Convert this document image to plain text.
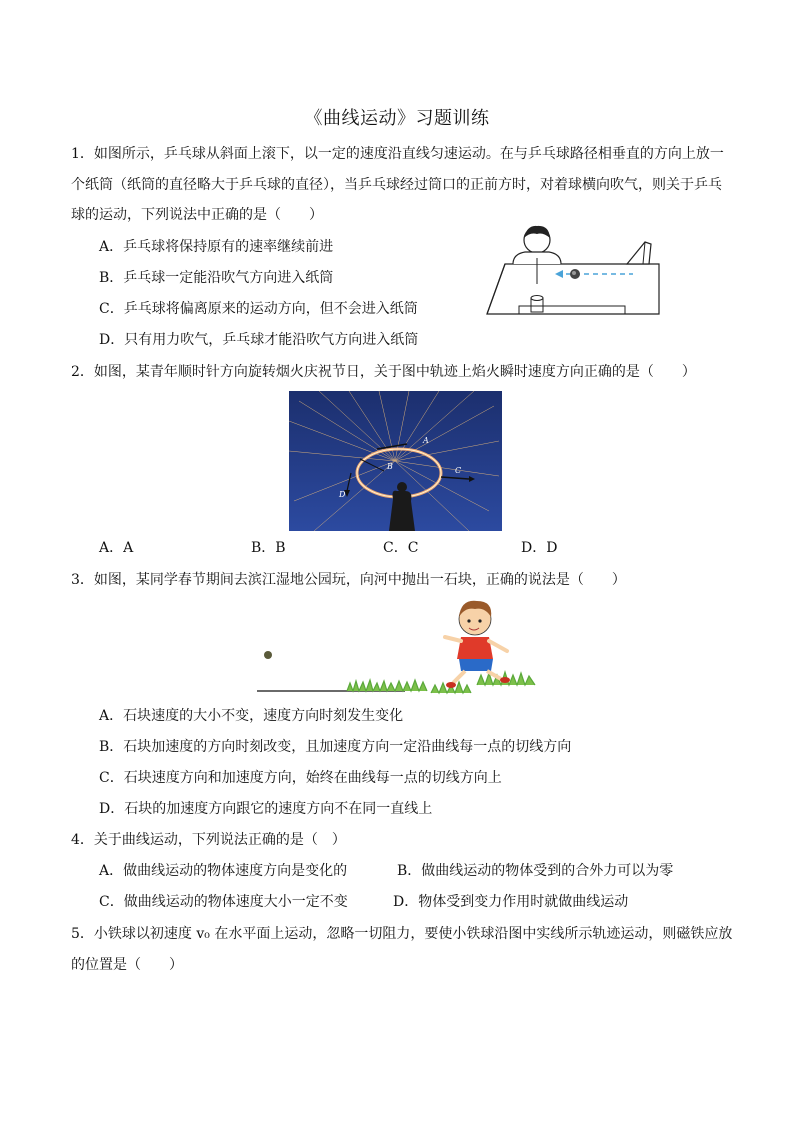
《曲线运动》习题训练
1．如图所示，乒乓球从斜面上滚下，以一定的速度沿直线匀速运动。在与乒乓球路径相垂直的方向上放一
个纸筒（纸筒的直径略大于乒乓球的直径），当乒乓球经过筒口的正前方时，对着球横向吹气，则关于乒乓
球的运动，下列说法中正确的是（　　）
A．乒乓球将保持原有的速率继续前进
B．乒乓球一定能沿吹气方向进入纸筒
C．乒乓球将偏离原来的运动方向，但不会进入纸筒
D．只有用力吹气，乒乓球才能沿吹气方向进入纸筒
2．如图，某青年顺时针方向旋转烟火庆祝节日，关于图中轨迹上焰火瞬时速度方向正确的是（　　）
A
B	C
D
A．A	B．B	C．C	D．D
3．如图，某同学春节期间去滨江湿地公园玩，向河中抛出一石块，正确的说法是（　　）
A．石块速度的大小不变，速度方向时刻发生变化
B．石块加速度的方向时刻改变，且加速度方向一定沿曲线每一点的切线方向
C．石块速度方向和加速度方向，始终在曲线每一点的切线方向上
D．石块的加速度方向跟它的速度方向不在同一直线上
4．关于曲线运动，下列说法正确的是（　）
A．做曲线运动的物体速度方向是变化的	B．做曲线运动的物体受到的合外力可以为零
C．做曲线运动的物体速度大小一定不变	D．物体受到变力作用时就做曲线运动
5．小铁球以初速度 v₀ 在水平面上运动，忽略一切阻力，要使小铁球沿图中实线所示轨迹运动，则磁铁应放
的位置是（　　）
